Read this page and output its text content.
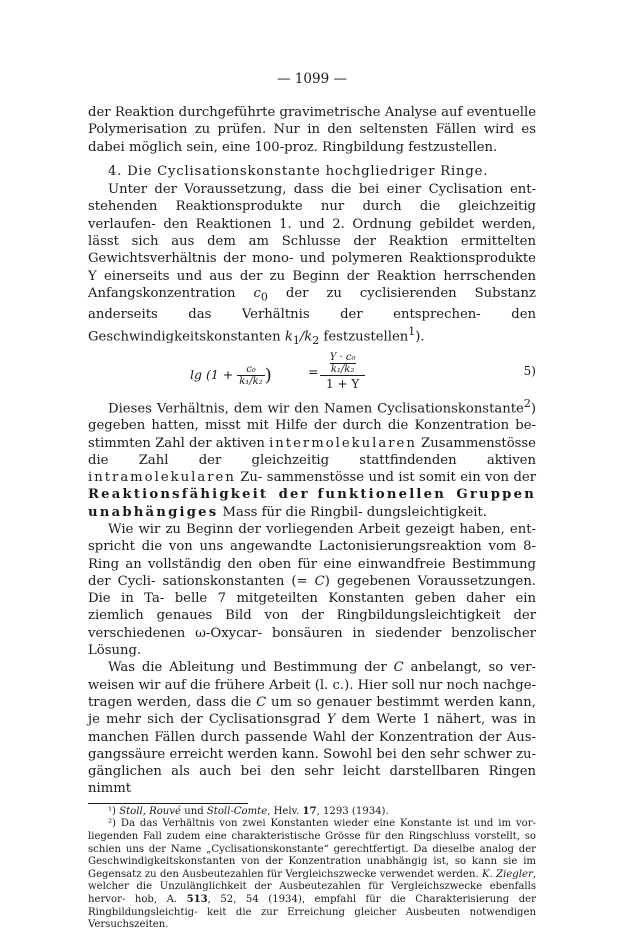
— 1099 —

der Reaktion durchgeführte gravimetrische Analyse auf eventuelle Polymerisation zu prüfen. Nur in den seltensten Fällen wird es dabei möglich sein, eine 100-proz. Ringbildung festzustellen.

4. Die Cyclisationskonstante hochgliedriger Ringe.

Unter der Voraussetzung, dass die bei einer Cyclisation ent- stehenden Reaktionsprodukte nur durch die gleichzeitig verlaufen- den Reaktionen 1. und 2. Ordnung gebildet werden, lässt sich aus dem am Schlusse der Reaktion ermittelten Gewichtsverhältnis der mono- und polymeren Reaktionsprodukte Y einerseits und aus der zu Beginn der Reaktion herrschenden Anfangskonzentration $c_0$ der zu cyclisierenden Substanz anderseits das Verhältnis der entsprechen- den Geschwindigkeitskonstanten $k_1/k_2$ festzustellen$^1$).

$\lg (1 + \frac{\text{c₀}}{\text{k₁/k₂}}$ )	= $\frac{\text{Y · c₀}}{\text{k₁/k₂}}$
1 + Y
5)

Dieses Verhältnis, dem wir den Namen Cyclisationskonstante$^2$) gegeben hatten, misst mit Hilfe der durch die Konzentration be- stimmten Zahl der aktiven intermolekularen Zusammenstösse die Zahl der gleichzeitig stattfindenden aktiven intramolekularen Zu- sammenstösse und ist somit ein von der Reaktionsfähigkeit der funktionellen Gruppen unabhängiges Mass für die Ringbil- dungsleichtigkeit.

Wie wir zu Beginn der vorliegenden Arbeit gezeigt haben, ent- spricht die von uns angewandte Lactonisierungsreaktion vom 8-Ring an vollständig den oben für eine einwandfreie Bestimmung der Cycli- sationskonstanten (= C) gegebenen Voraussetzungen. Die in Ta- belle 7 mitgeteilten Konstanten geben daher ein ziemlich genaues Bild von der Ringbildungsleichtigkeit der verschiedenen ω-Oxycar- bonsäuren in siedender benzolischer Lösung.

Was die Ableitung und Bestimmung der C anbelangt, so ver- weisen wir auf die frühere Arbeit (l. c.). Hier soll nur noch nachge- tragen werden, dass die C um so genauer bestimmt werden kann, je mehr sich der Cyclisationsgrad Y dem Werte 1 nähert, was in manchen Fällen durch passende Wahl der Konzentration der Aus- gangssäure erreicht werden kann. Sowohl bei den sehr schwer zu- gänglichen als auch bei den sehr leicht darstellbaren Ringen nimmt

¹) Stoll, Rouvé und Stoll-Comte, Helv. 17, 1293 (1934).

²) Da das Verhältnis von zwei Konstanten wieder eine Konstante ist und im vor- liegenden Fall zudem eine charakteristische Grösse für den Ringschluss vorstellt, so schien uns der Name „Cyclisationskonstante“ gerechtfertigt. Da dieselbe analog der Geschwindigkeitskonstanten von der Konzentration unabhängig ist, so kann sie im Gegensatz zu den Ausbeutezahlen für Vergleichszwecke verwendet werden. K. Ziegler, welcher die Unzulänglichkeit der Ausbeutezahlen für Vergleichszwecke ebenfalls hervor- hob, A. 513, 52, 54 (1934), empfahl für die Charakterisierung der Ringbildungsleichtig- keit die zur Erreichung gleicher Ausbeuten notwendigen Versuchszeiten.
